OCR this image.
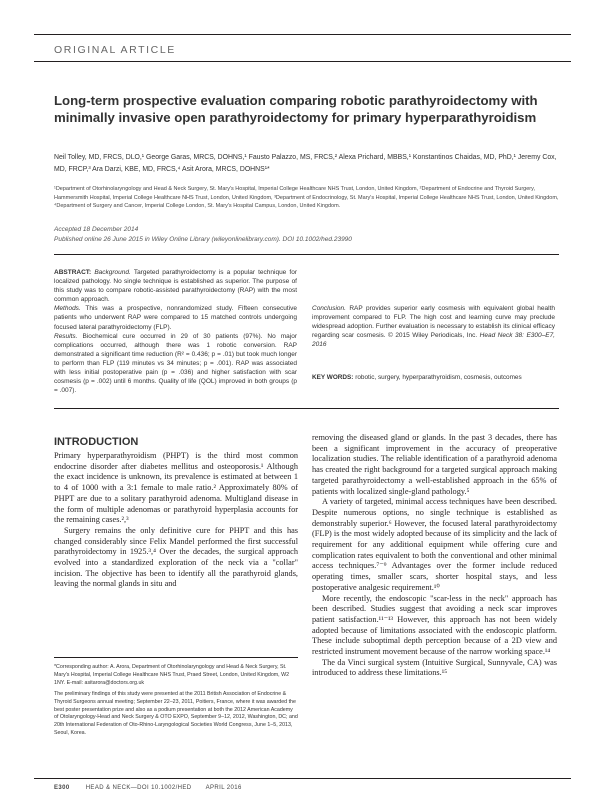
ORIGINAL ARTICLE
Long-term prospective evaluation comparing robotic parathyroidectomy with minimally invasive open parathyroidectomy for primary hyperparathyroidism
Neil Tolley, MD, FRCS, DLO,¹ George Garas, MRCS, DOHNS,¹ Fausto Palazzo, MS, FRCS,² Alexa Prichard, MBBS,¹ Konstantinos Chaidas, MD, PhD,¹ Jeremy Cox, MD, FRCP,³ Ara Darzi, KBE, MD, FRCS,⁴ Asit Arora, MRCS, DOHNS¹*
¹Department of Otorhinolaryngology and Head & Neck Surgery, St. Mary's Hospital, Imperial College Healthcare NHS Trust, London, United Kingdom, ²Department of Endocrine and Thyroid Surgery, Hammersmith Hospital, Imperial College Healthcare NHS Trust, London, United Kingdom, ³Department of Endocrinology, St. Mary's Hospital, Imperial College Healthcare NHS Trust, London, United Kingdom, ⁴Department of Surgery and Cancer, Imperial College London, St. Mary's Hospital Campus, London, United Kingdom.
Accepted 18 December 2014
Published online 26 June 2015 in Wiley Online Library (wileyonlinelibrary.com). DOI 10.1002/hed.23990
ABSTRACT: Background. Targeted parathyroidectomy is a popular technique for localized pathology. No single technique is established as superior. The purpose of this study was to compare robotic-assisted parathyroidectomy (RAP) with the most common approach.
Methods. This was a prospective, nonrandomized study. Fifteen consecutive patients who underwent RAP were compared to 15 matched controls undergoing focused lateral parathyroidectomy (FLP).
Results. Biochemical cure occurred in 29 of 30 patients (97%). No major complications occurred, although there was 1 robotic conversion. RAP demonstrated a significant time reduction (R² = 0.436; p = .01) but took much longer to perform than FLP (119 minutes vs 34 minutes; p = .001). RAP was associated with less initial postoperative pain (p = .036) and higher satisfaction with scar cosmesis (p = .002) until 6 months. Quality of life (QOL) improved in both groups (p = .007).
Conclusion. RAP provides superior early cosmesis with equivalent global health improvement compared to FLP. The high cost and learning curve may preclude widespread adoption. Further evaluation is necessary to establish its clinical efficacy regarding scar cosmesis. © 2015 Wiley Periodicals, Inc. Head Neck 38: E300–E7, 2016
KEY WORDS: robotic, surgery, hyperparathyroidism, cosmesis, outcomes
INTRODUCTION

Primary hyperparathyroidism (PHPT) is the third most common endocrine disorder after diabetes mellitus and osteoporosis.¹ Although the exact incidence is unknown, its prevalence is estimated at between 1 to 4 of 1000 with a 3:1 female to male ratio.² Approximately 80% of PHPT are due to a solitary parathyroid adenoma. Multigland disease in the form of multiple adenomas or parathyroid hyperplasia accounts for the remaining cases.²,³

Surgery remains the only definitive cure for PHPT and this has changed considerably since Felix Mandel performed the first successful parathyroidectomy in 1925.³,⁴ Over the decades, the surgical approach evolved into a standardized exploration of the neck via a "collar" incision. The objective has been to identify all the parathyroid glands, leaving the normal glands in situ and

removing the diseased gland or glands. In the past 3 decades, there has been a significant improvement in the accuracy of preoperative localization studies. The reliable identification of a parathyroid adenoma has created the right background for a targeted surgical approach making targeted parathyroidectomy a well-established approach in the 65% of patients with localized single-gland pathology.⁵

A variety of targeted, minimal access techniques have been described. Despite numerous options, no single technique is established as demonstrably superior.⁶ However, the focused lateral parathyroidectomy (FLP) is the most widely adopted because of its simplicity and the lack of requirement for any additional equipment while offering cure and complication rates equivalent to both the conventional and other minimal access techniques.⁷⁻⁹ Advantages over the former include reduced operating times, smaller scars, shorter hospital stays, and less postoperative analgesic requirement.¹⁰

More recently, the endoscopic "scar-less in the neck" approach has been described. Studies suggest that avoiding a neck scar improves patient satisfaction.¹¹⁻¹³ However, this approach has not been widely adopted because of limitations associated with the endoscopic platform. These include suboptimal depth perception because of a 2D view and restricted instrument movement because of the narrow working space.¹⁴

The da Vinci surgical system (Intuitive Surgical, Sunnyvale, CA) was introduced to address these limitations.¹⁵

*Corresponding author: A. Arora, Department of Otorhinolaryngology and Head & Neck Surgery, St. Mary's Hospital, Imperial College Healthcare NHS Trust, Praed Street, London, United Kingdom, W2 1NY. E-mail: asitarora@doctors.org.uk

The preliminary findings of this study were presented at the 2011 British Association of Endocrine & Thyroid Surgeons annual meeting; September 22–23, 2011, Poitiers, France, where it was awarded the best poster presentation prize and also as a podium presentation at both the 2012 American Academy of Otolaryngology-Head and Neck Surgery & OTO EXPO, September 9–12, 2012, Washington, DC; and 20th International Federation of Oto-Rhino-Laryngological Societies World Congress, June 1–5, 2013, Seoul, Korea.

E300	HEAD & NECK—DOI 10.1002/HED APRIL 2016
